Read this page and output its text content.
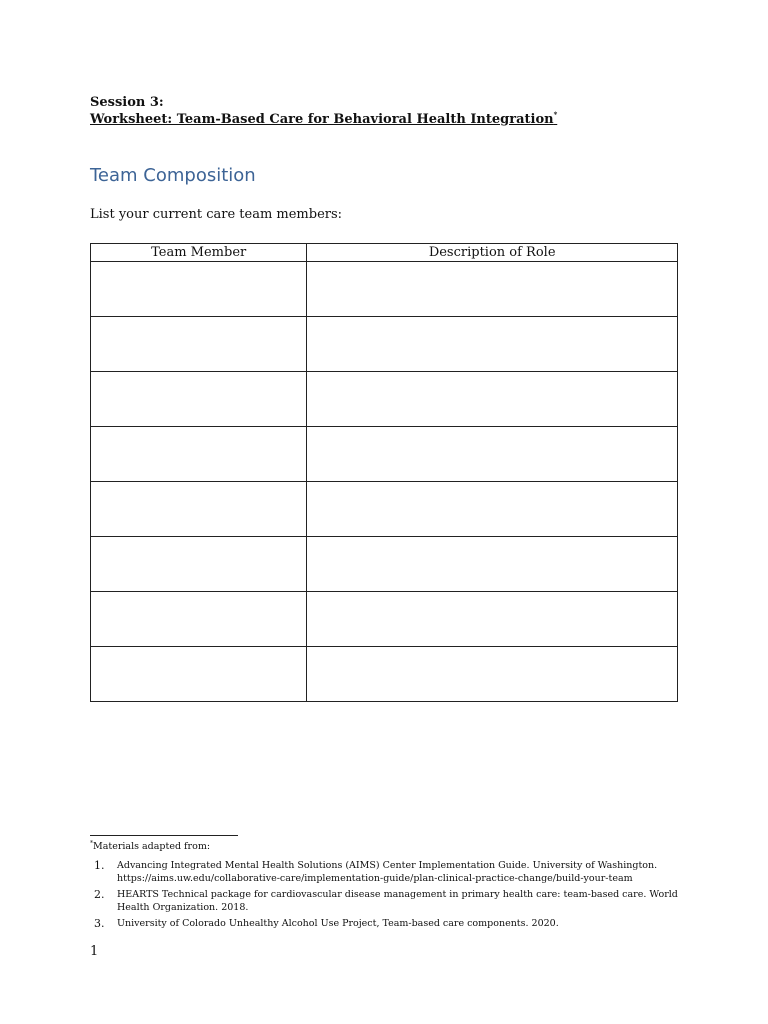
Session 3:
Worksheet: Team-Based Care for Behavioral Health Integration*
Team Composition
List your current care team members:
Team Member	Description of Role

*Materials adapted from:
1. Advancing Integrated Mental Health Solutions (AIMS) Center Implementation Guide. University of Washington. https://aims.uw.edu/collaborative-care/implementation-guide/plan-clinical-practice-change/build-your-team
2. HEARTS Technical package for cardiovascular disease management in primary health care: team-based care. World Health Organization. 2018.
3. University of Colorado Unhealthy Alcohol Use Project, Team-based care components. 2020.
1
